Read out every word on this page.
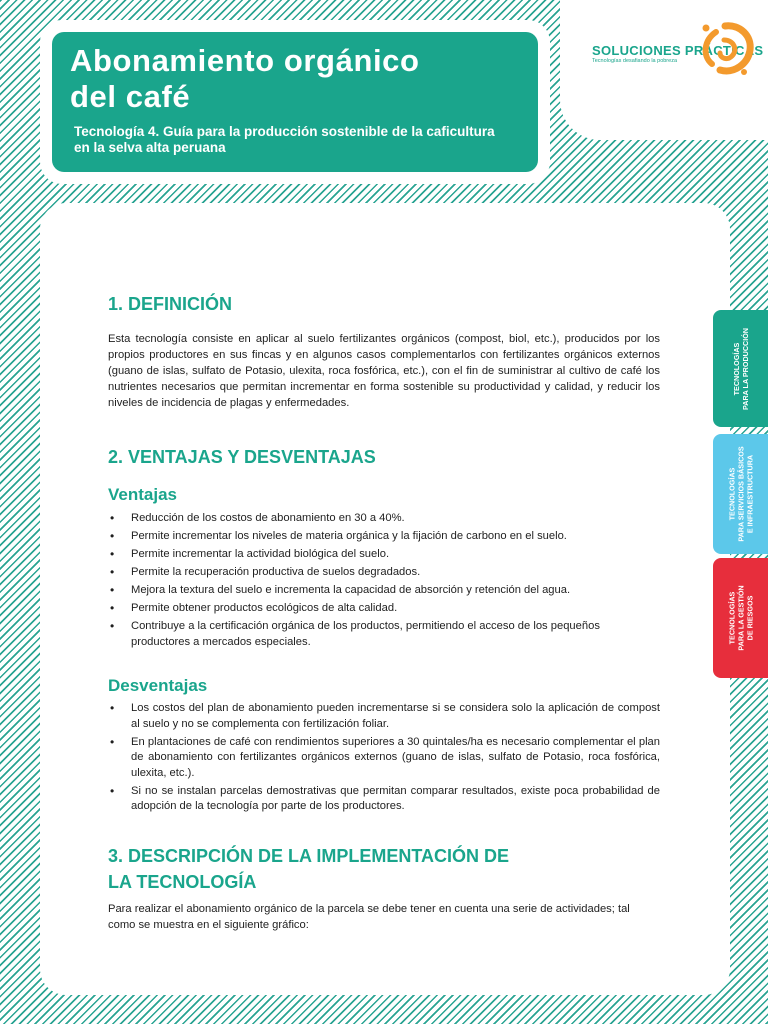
Abonamiento orgánico
del café

Tecnología 4. Guía para la producción sostenible de la caficultura en la selva alta peruana

SOLUCIONES PRÁCTICAS
Tecnologías desafiando la pobreza
1. DEFINICIÓN

Esta tecnología consiste en aplicar al suelo fertilizantes orgánicos (compost, biol, etc.), producidos por los propios productores en sus fincas y en algunos casos complementarlos con fertilizantes orgánicos externos (guano de islas, sulfato de Potasio, ulexita, roca fosfórica, etc.), con el fin de suministrar al cultivo de café los nutrientes necesarios que permitan incrementar en forma sostenible su productividad y calidad, y reducir los niveles de incidencia de plagas y enfermedades.

2. VENTAJAS Y DESVENTAJAS
Ventajas
• Reducción de los costos de abonamiento en 30 a 40%.
• Permite incrementar los niveles de materia orgánica y la fijación de carbono en el suelo.
• Permite incrementar la actividad biológica del suelo.
• Permite la recuperación productiva de suelos degradados.
• Mejora la textura del suelo e incrementa la capacidad de absorción y retención del agua.
• Permite obtener productos ecológicos de alta calidad.
• Contribuye a la certificación orgánica de los productos, permitiendo el acceso de los pequeños productores a mercados especiales.
Desventajas
• Los costos del plan de abonamiento pueden incrementarse si se considera solo la aplicación de compost al suelo y no se complementa con fertilización foliar.
• En plantaciones de café con rendimientos superiores a 30 quintales/ha es necesario complementar el plan de abonamiento con fertilizantes orgánicos externos (guano de islas, sulfato de Potasio, roca fosfórica, ulexita, etc.).
• Si no se instalan parcelas demostrativas que permitan comparar resultados, existe poca probabilidad de adopción de la tecnología por parte de los productores.
3. DESCRIPCIÓN DE LA IMPLEMENTACIÓN DE
LA TECNOLOGÍA

Para realizar el abonamiento orgánico de la parcela se debe tener en cuenta una serie de actividades; tal como se muestra en el siguiente gráfico:

TECNOLOGÍAS
PARA LA PRODUCCIÓN
TECNOLOGÍAS
PARA SERVICIOS BÁSICOS
E INFRAESTRUCTURA
TECNOLOGÍAS
PARA LA GESTIÓN
DE RIESGOS
